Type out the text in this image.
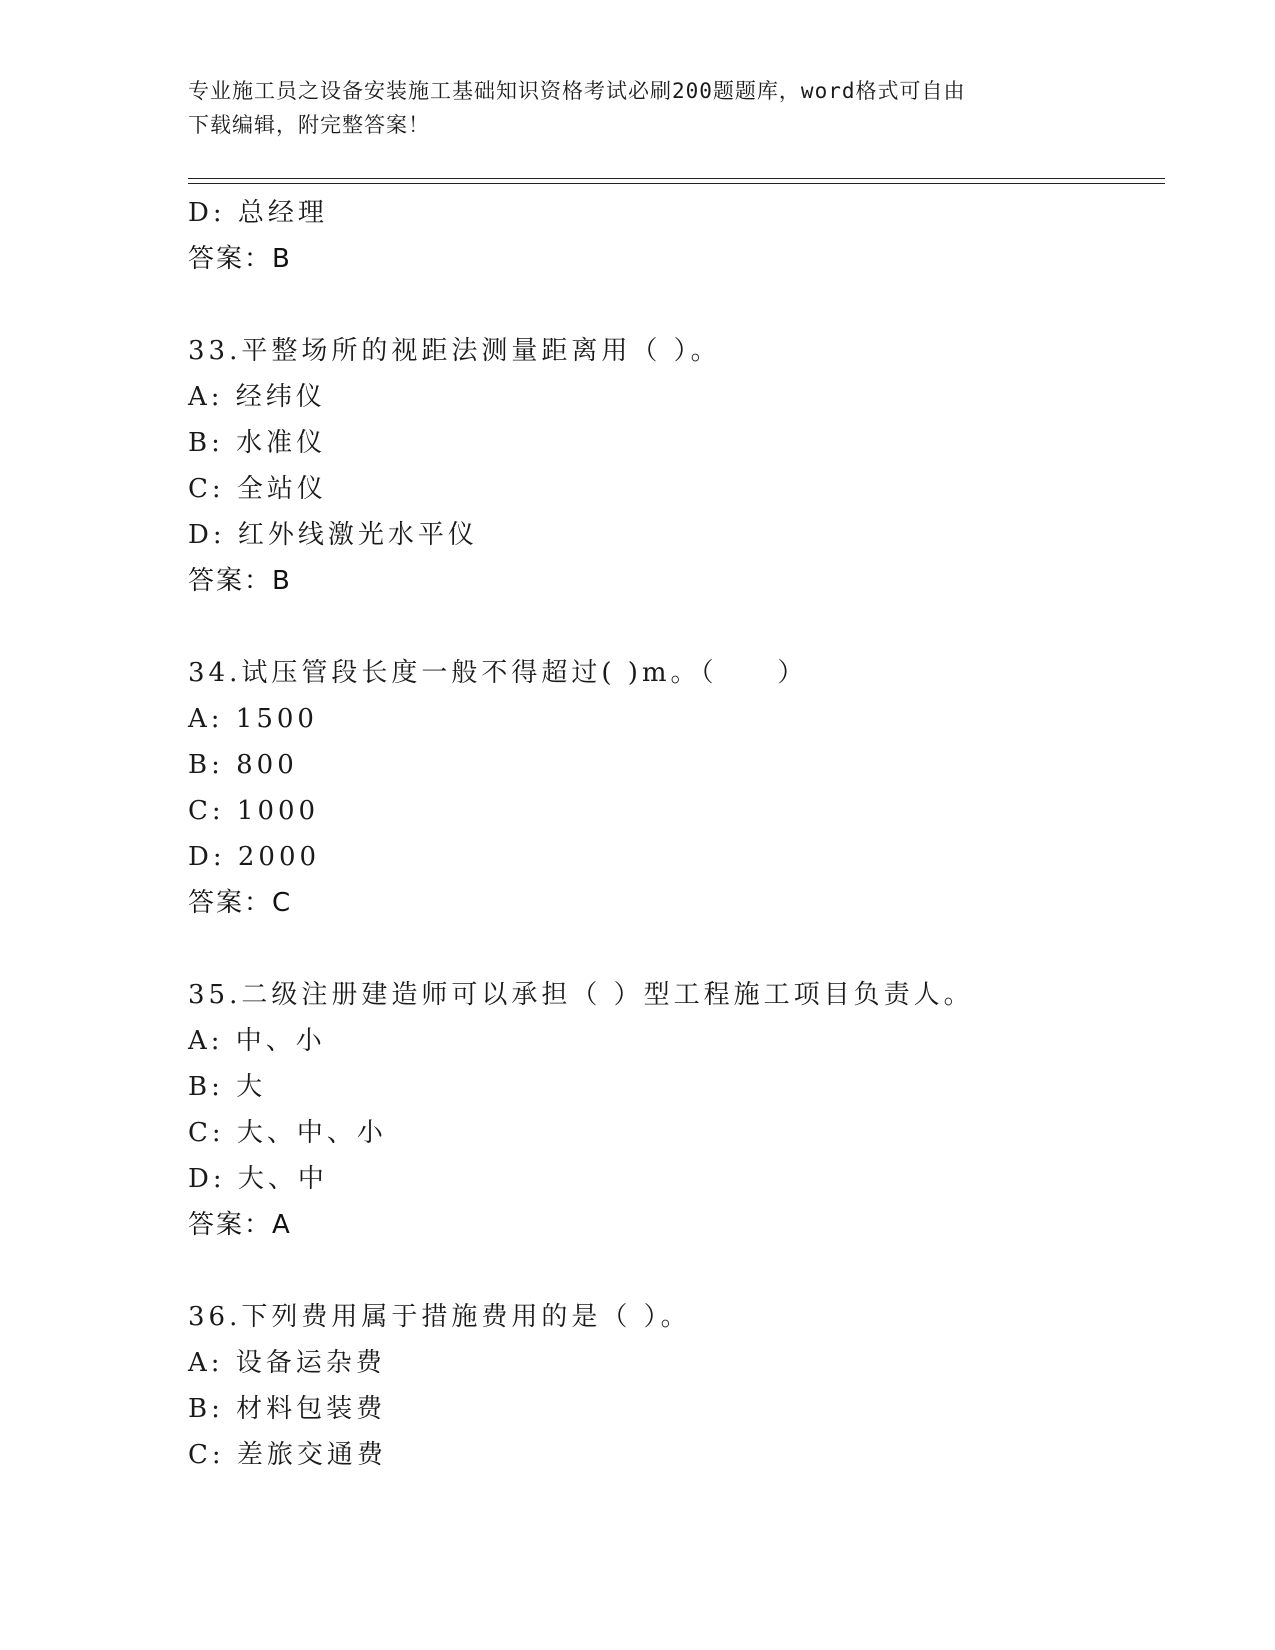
专业施工员之设备安装施工基础知识资格考试必刷200题题库，word格式可自由
下载编辑，附完整答案！
D: 总经理
答案：B
33.平整场所的视距法测量距离用（ ）。
A: 经纬仪
B: 水准仪
C: 全站仪
D: 红外线激光水平仪
答案：B
34.试压管段长度一般不得超过( )m。（　　）
A: 1500
B: 800
C: 1000
D: 2000
答案：C
35.二级注册建造师可以承担（ ）型工程施工项目负责人。
A: 中、小
B: 大
C: 大、中、小
D: 大、中
答案：A
36.下列费用属于措施费用的是（ ）。
A: 设备运杂费
B: 材料包装费
C: 差旅交通费
